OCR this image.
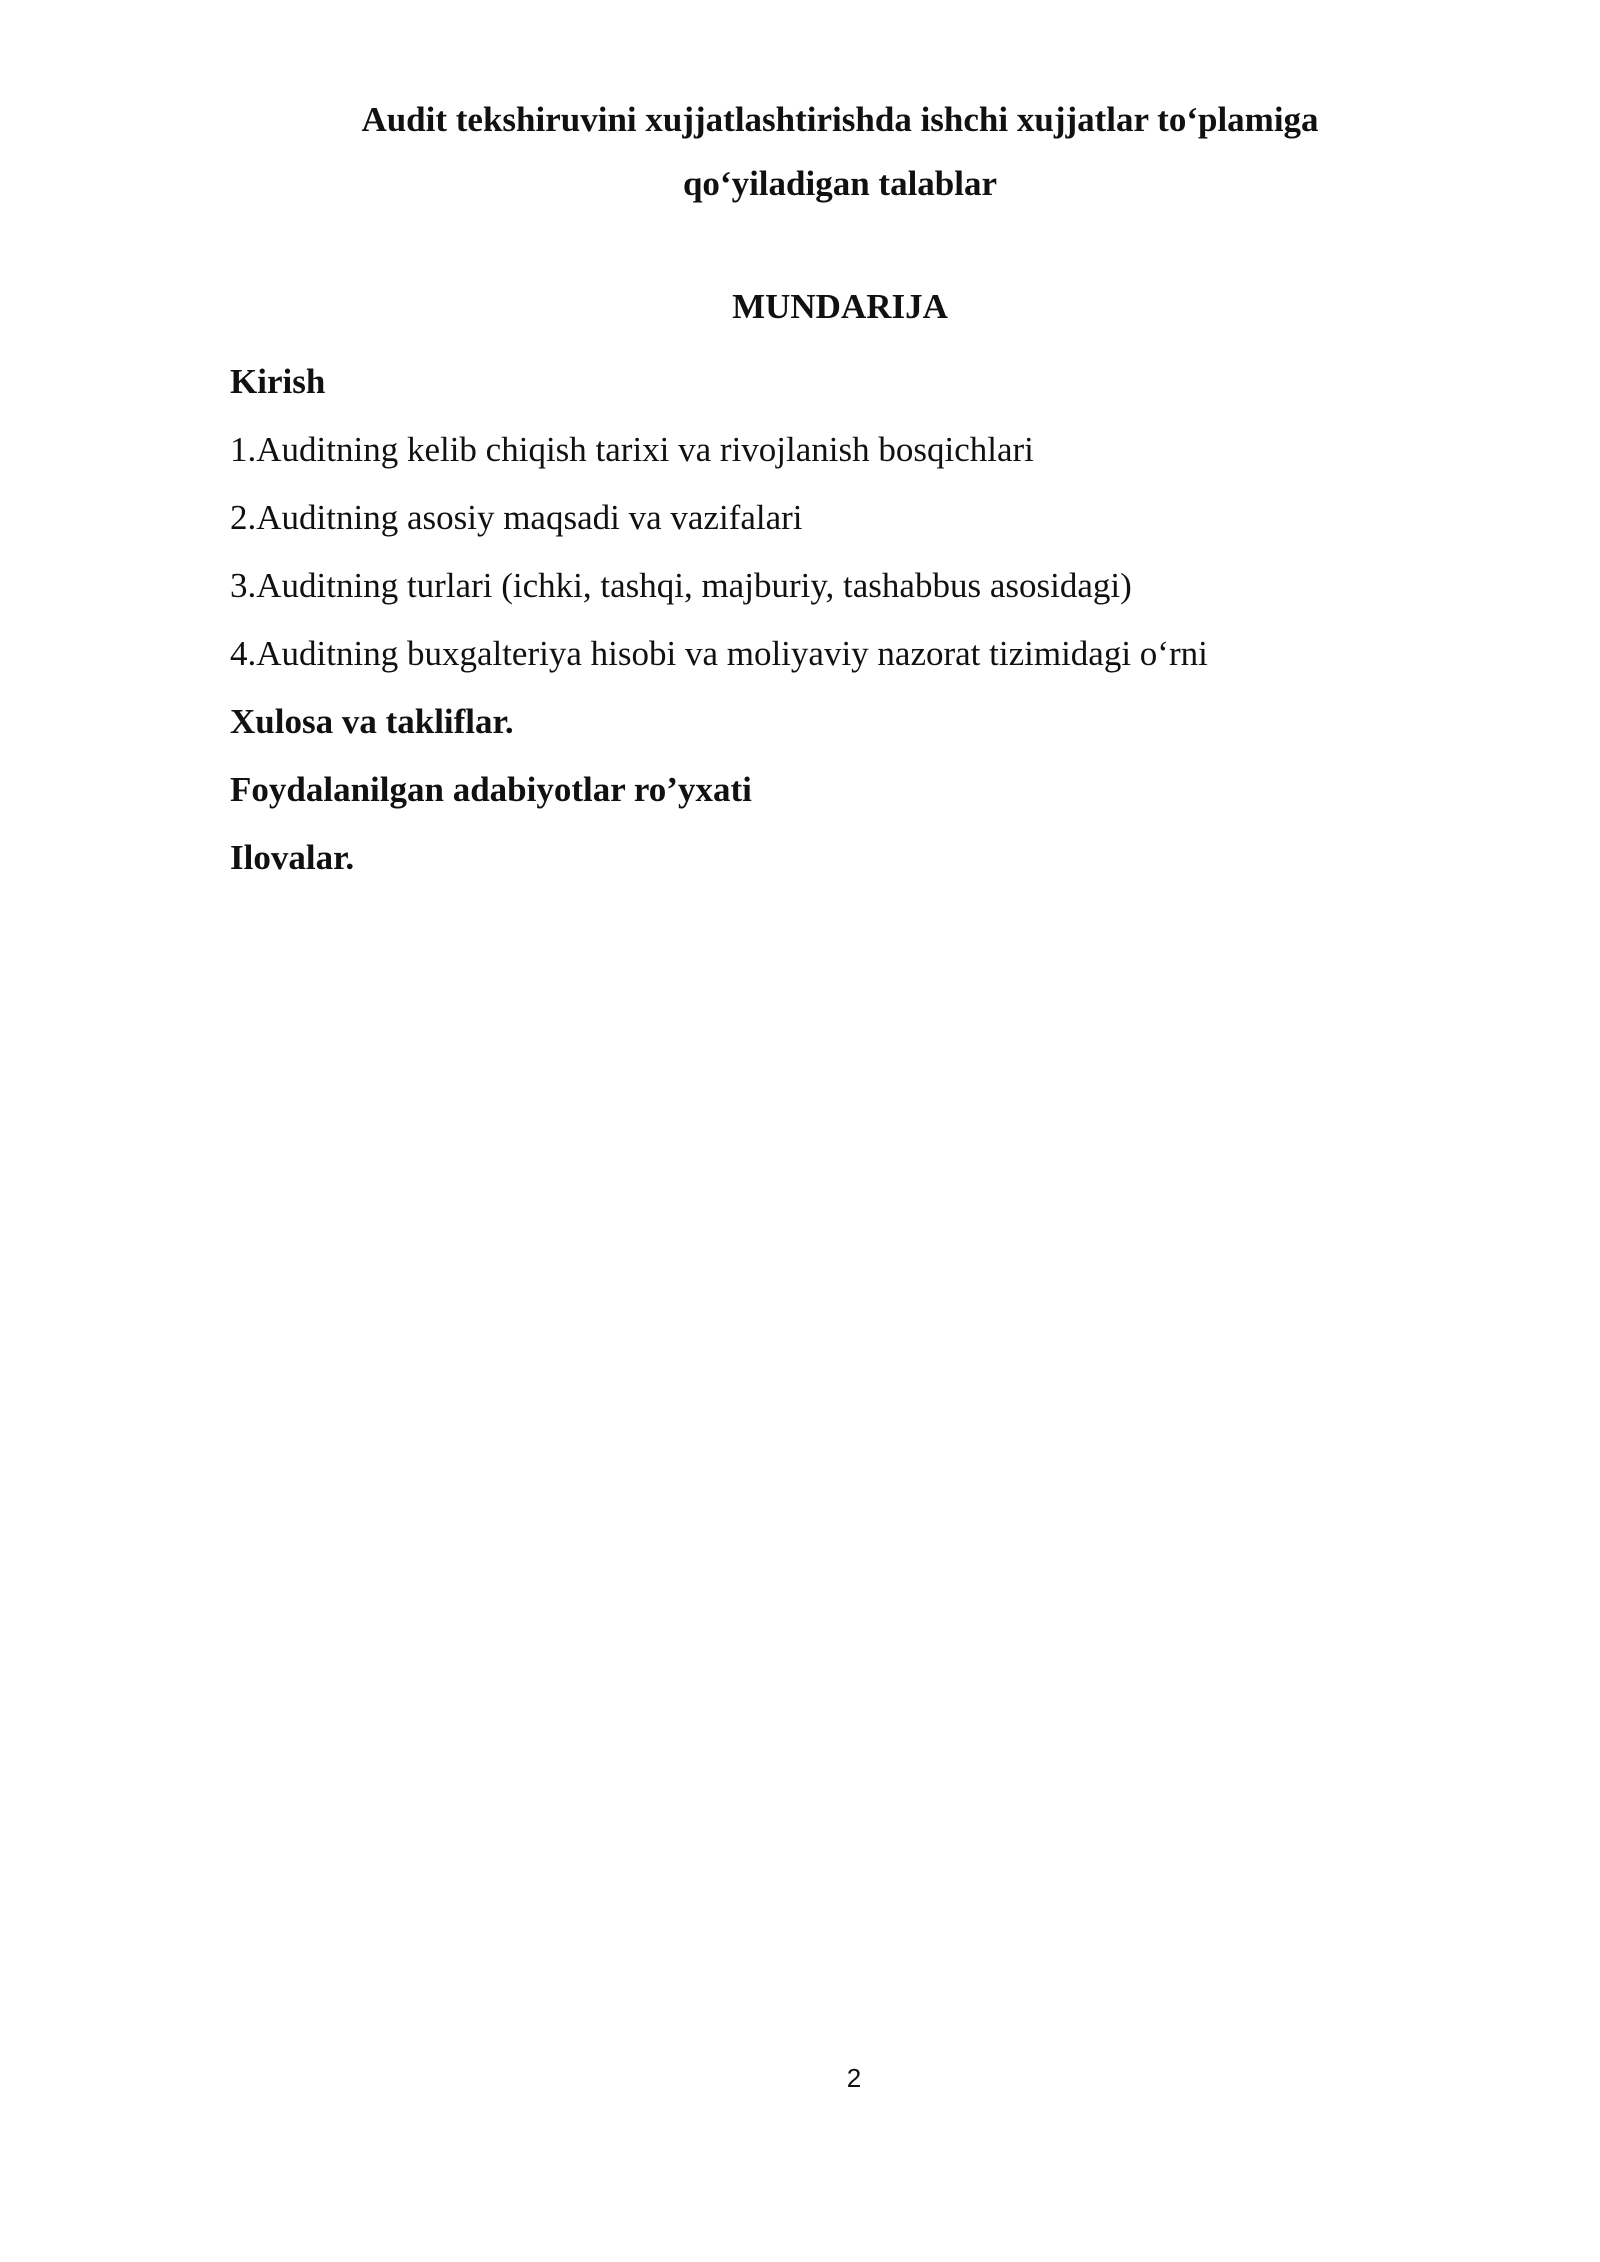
Audit tekshiruvini xujjatlashtirishda ishchi xujjatlar to‘plamiga
qo‘yiladigan talablar
MUNDARIJA
Kirish
1.Auditning kelib chiqish tarixi va rivojlanish bosqichlari
2.Auditning asosiy maqsadi va vazifalari
3.Auditning turlari (ichki, tashqi, majburiy, tashabbus asosidagi)
4.Auditning buxgalteriya hisobi va moliyaviy nazorat tizimidagi o‘rni
Xulosa va takliflar.
Foydalanilgan adabiyotlar ro’yxati
Ilovalar.
2
